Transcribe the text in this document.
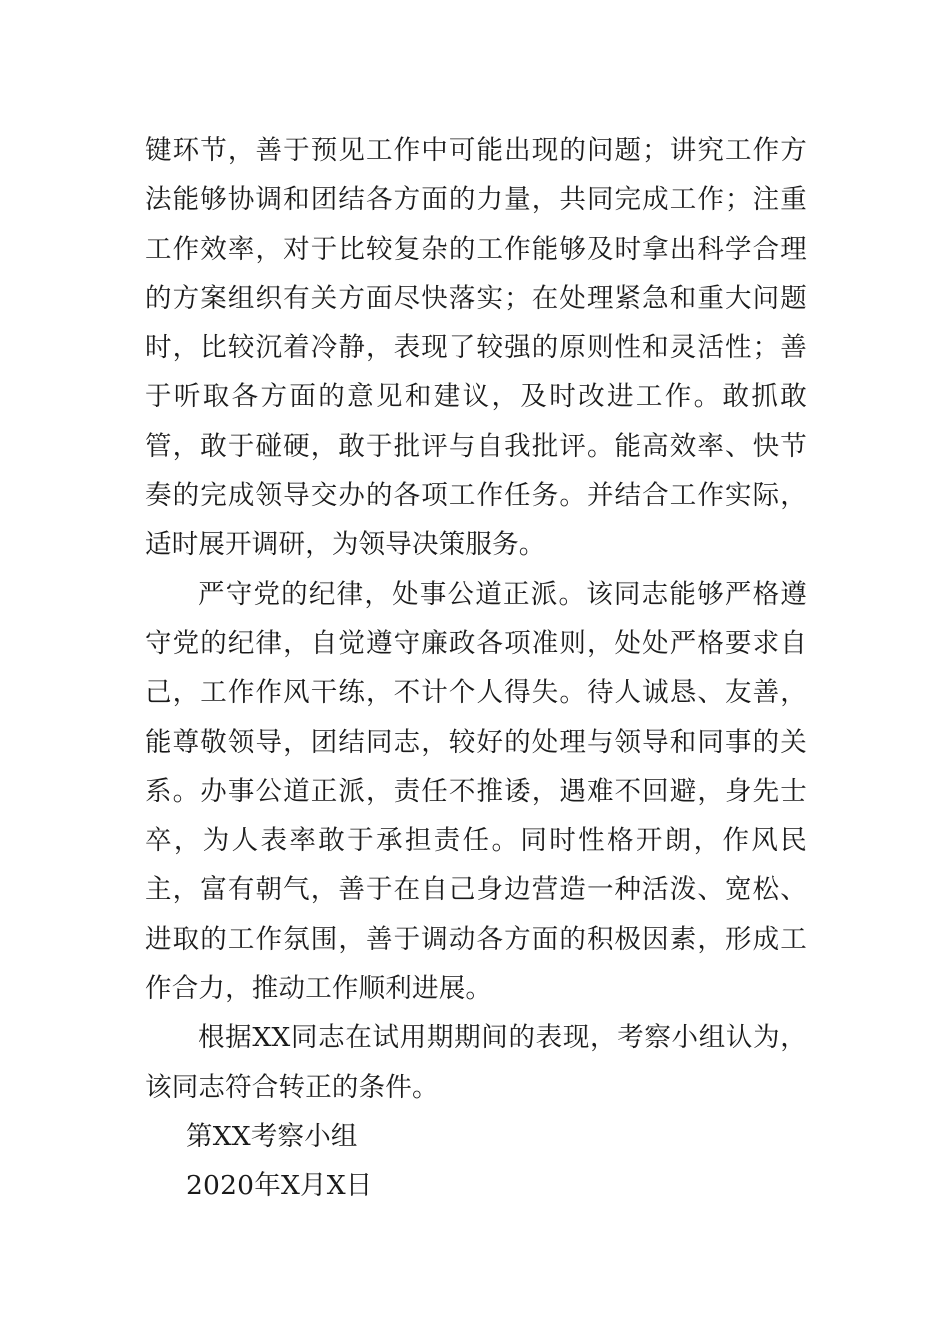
键环节，善于预见工作中可能出现的问题；讲究工作方法能够协调和团结各方面的力量，共同完成工作；注重工作效率，对于比较复杂的工作能够及时拿出科学合理的方案组织有关方面尽快落实；在处理紧急和重大问题时，比较沉着冷静，表现了较强的原则性和灵活性；善于听取各方面的意见和建议，及时改进工作。敢抓敢管，敢于碰硬，敢于批评与自我批评。能高效率、快节奏的完成领导交办的各项工作任务。并结合工作实际，适时展开调研，为领导决策服务。

严守党的纪律，处事公道正派。该同志能够严格遵守党的纪律，自觉遵守廉政各项准则，处处严格要求自己，工作作风干练，不计个人得失。待人诚恳、友善，能尊敬领导，团结同志，较好的处理与领导和同事的关系。办事公道正派，责任不推诿，遇难不回避，身先士卒，为人表率敢于承担责任。同时性格开朗，作风民主，富有朝气，善于在自己身边营造一种活泼、宽松、进取的工作氛围，善于调动各方面的积极因素，形成工作合力，推动工作顺利进展。

根据XX同志在试用期期间的表现，考察小组认为，该同志符合转正的条件。

第XX考察小组

2020年X月X日
